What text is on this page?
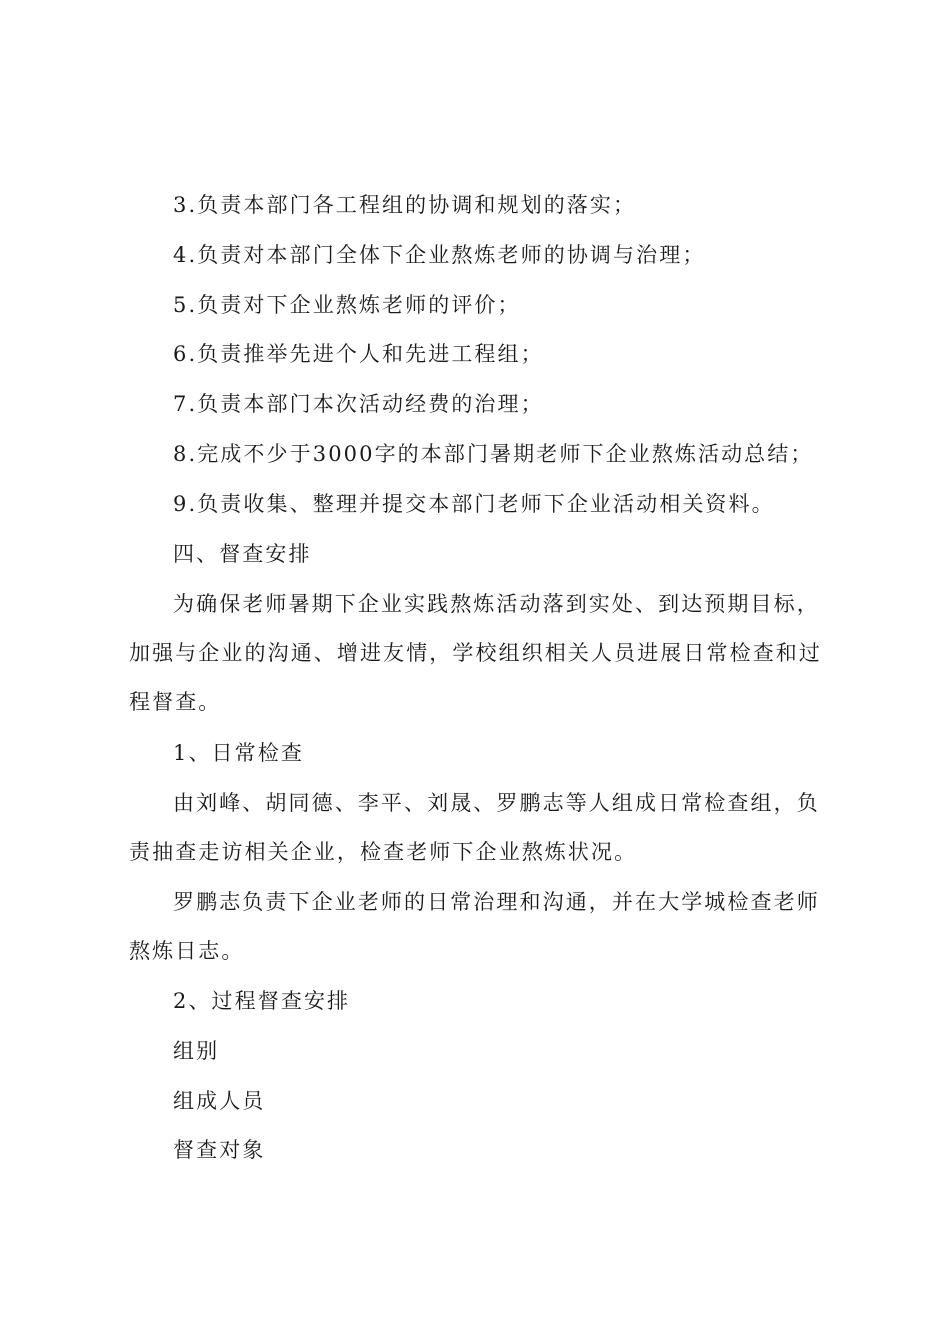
3.负责本部门各工程组的协调和规划的落实；

4.负责对本部门全体下企业熬炼老师的协调与治理；

5.负责对下企业熬炼老师的评价；

6.负责推举先进个人和先进工程组；

7.负责本部门本次活动经费的治理；

8.完成不少于3000字的本部门暑期老师下企业熬炼活动总结；

9.负责收集、整理并提交本部门老师下企业活动相关资料。

四、督查安排

为确保老师暑期下企业实践熬炼活动落到实处、到达预期目标，加强与企业的沟通、增进友情，学校组织相关人员进展日常检查和过程督查。

1、日常检查

由刘峰、胡同德、李平、刘晟、罗鹏志等人组成日常检查组，负责抽查走访相关企业，检查老师下企业熬炼状况。

罗鹏志负责下企业老师的日常治理和沟通，并在大学城检查老师熬炼日志。

2、过程督查安排

组别

组成人员

督查对象
